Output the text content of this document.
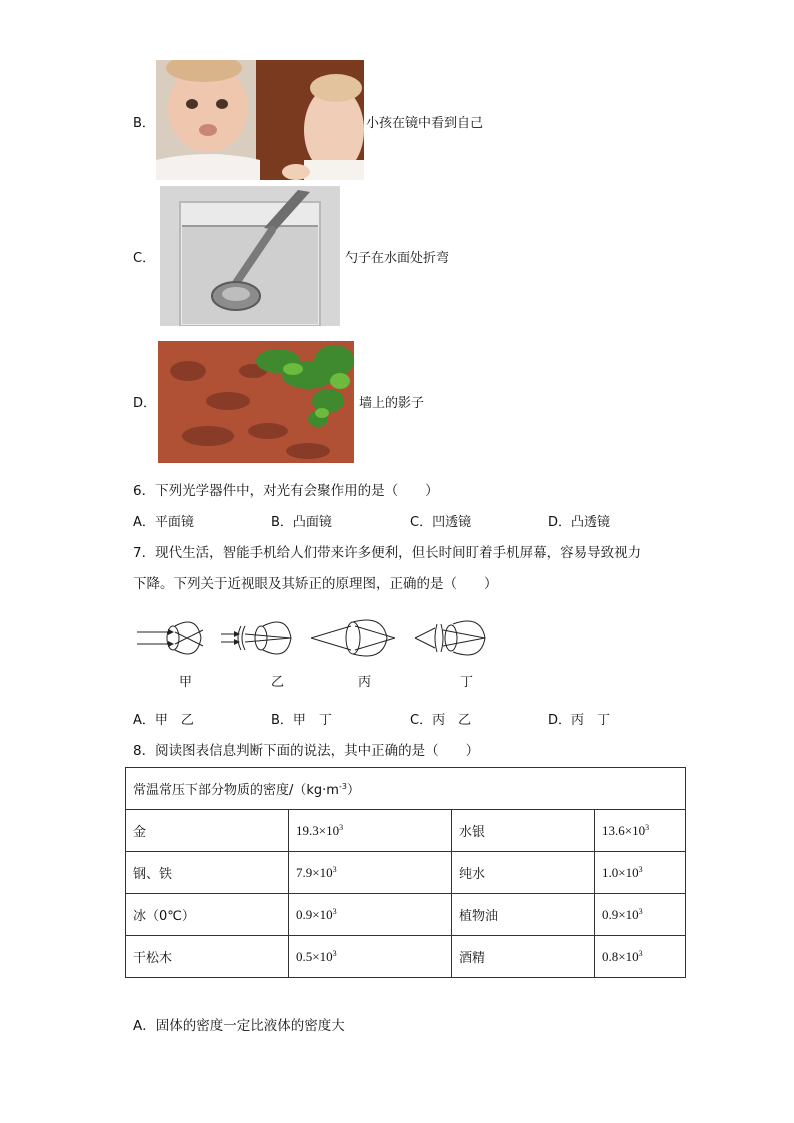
B．	小孩在镜中看到自己
C．	勺子在水面处折弯
D．	墙上的影子
6．下列光学器件中，对光有会聚作用的是（　　）
A．平面镜	B．凸面镜	C．凹透镜	D．凸透镜
7．现代生活，智能手机给人们带来许多便利，但长时间盯着手机屏幕，容易导致视力
下降。下列关于近视眼及其矫正的原理图，正确的是（　　）
甲	乙	丙	丁
A．甲　乙	B．甲　丁	C．丙　乙	D．丙　丁
8．阅读图表信息判断下面的说法，其中正确的是（　　）
常温常压下部分物质的密度$/(kg\cdot m^{-3})$			
金	$19.3\times 10^3$	水银	$13.6\times 10^3$
钢、铁	$7.9\times 10^3$	纯水	$1.0\times 10^3$
冰（0℃）	$0.9\times 10^3$	植物油	$0.9\times 10^3$
干松木	$0.5\times 10^3$	酒精	$0.8\times 10^3$
A．固体的密度一定比液体的密度大
